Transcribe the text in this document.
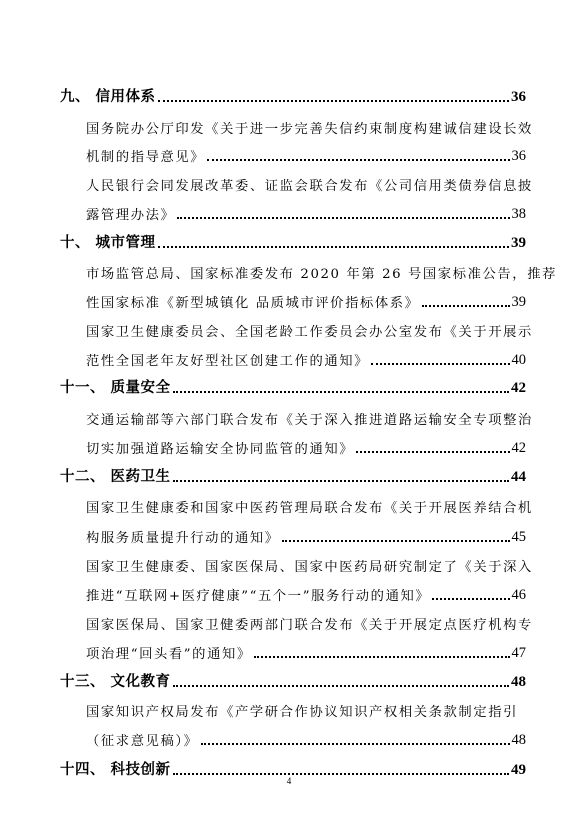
九、 信用体系	36
国务院办公厅印发《关于进一步完善失信约束制度构建诚信建设长效
机制的指导意见》	36
人民银行会同发展改革委、证监会联合发布《公司信用类债券信息披
露管理办法》	38
十、 城市管理	39
市场监管总局、国家标准委发布 2020 年第 26 号国家标准公告，推荐
性国家标准《新型城镇化 品质城市评价指标体系》	39
国家卫生健康委员会、全国老龄工作委员会办公室发布《关于开展示
范性全国老年友好型社区创建工作的通知》	40
十一、 质量安全	42
交通运输部等六部门联合发布《关于深入推进道路运输安全专项整治
切实加强道路运输安全协同监管的通知》	42
十二、 医药卫生	44
国家卫生健康委和国家中医药管理局联合发布《关于开展医养结合机
构服务质量提升行动的通知》	45
国家卫生健康委、国家医保局、国家中医药局研究制定了《关于深入
推进“互联网+医疗健康”“五个一”服务行动的通知》	46
国家医保局、国家卫健委两部门联合发布《关于开展定点医疗机构专
项治理“回头看”的通知》	47
十三、 文化教育	48
国家知识产权局发布《产学研合作协议知识产权相关条款制定指引
（征求意见稿）》	48
十四、 科技创新	49
4
